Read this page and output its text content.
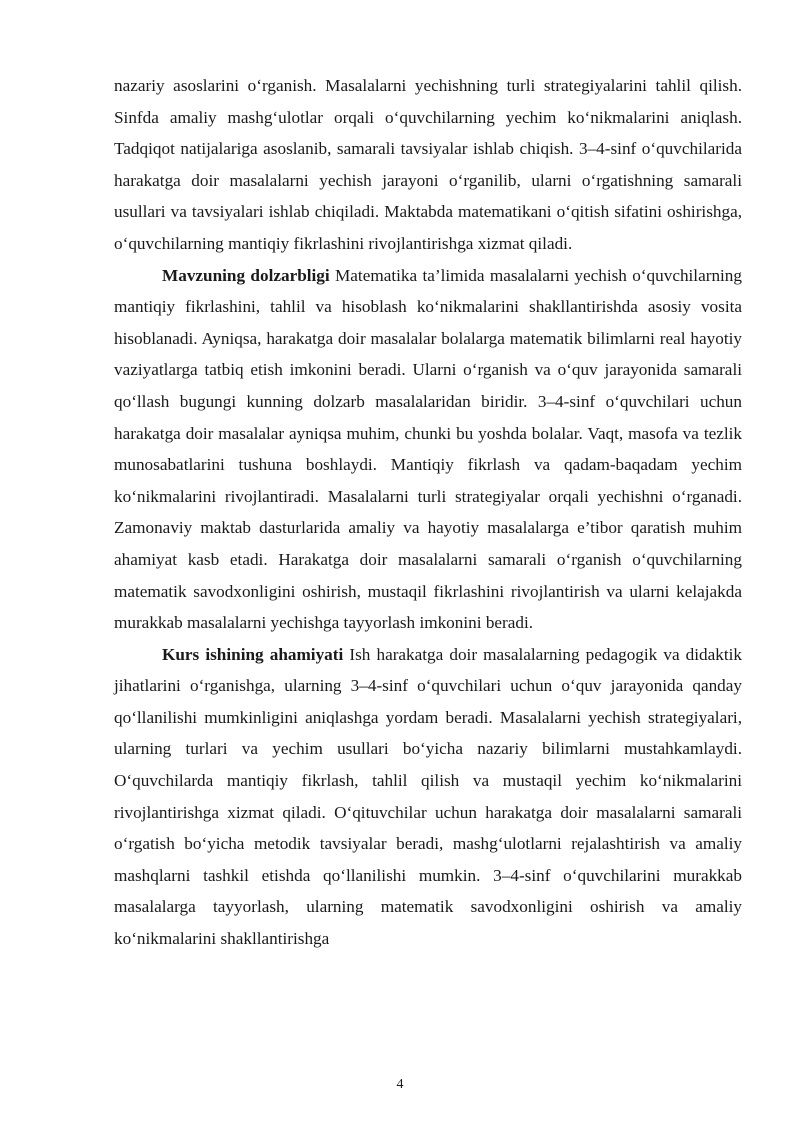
nazariy asoslarini o‘rganish. Masalalarni yechishning turli strategiyalarini tahlil qilish. Sinfda amaliy mashg‘ulotlar orqali o‘quvchilarning yechim ko‘nikmalarini aniqlash. Tadqiqot natijalariga asoslanib, samarali tavsiyalar ishlab chiqish. 3–4-sinf o‘quvchilarida harakatga doir masalalarni yechish jarayoni o‘rganilib, ularni o‘rgatishning samarali usullari va tavsiyalari ishlab chiqiladi. Maktabda matematikani o‘qitish sifatini oshirishga, o‘quvchilarning mantiqiy fikrlashini rivojlantirishga xizmat qiladi.

Mavzuning dolzarbligi Matematika ta’limida masalalarni yechish o‘quvchilarning mantiqiy fikrlashini, tahlil va hisoblash ko‘nikmalarini shakllantirishda asosiy vosita hisoblanadi. Ayniqsa, harakatga doir masalalar bolalarga matematik bilimlarni real hayotiy vaziyatlarga tatbiq etish imkonini beradi. Ularni o‘rganish va o‘quv jarayonida samarali qo‘llash bugungi kunning dolzarb masalalaridan biridir. 3–4-sinf o‘quvchilari uchun harakatga doir masalalar ayniqsa muhim, chunki bu yoshda bolalar. Vaqt, masofa va tezlik munosabatlarini tushuna boshlaydi. Mantiqiy fikrlash va qadam-baqadam yechim ko‘nikmalarini rivojlantiradi. Masalalarni turli strategiyalar orqali yechishni o‘rganadi. Zamonaviy maktab dasturlarida amaliy va hayotiy masalalarga e’tibor qaratish muhim ahamiyat kasb etadi. Harakatga doir masalalarni samarali o‘rganish o‘quvchilarning matematik savodxonligini oshirish, mustaqil fikrlashini rivojlantirish va ularni kelajakda murakkab masalalarni yechishga tayyorlash imkonini beradi.

Kurs ishining ahamiyati Ish harakatga doir masalalarning pedagogik va didaktik jihatlarini o‘rganishga, ularning 3–4-sinf o‘quvchilari uchun o‘quv jarayonida qanday qo‘llanilishi mumkinligini aniqlashga yordam beradi. Masalalarni yechish strategiyalari, ularning turlari va yechim usullari bo‘yicha nazariy bilimlarni mustahkamlaydi. O‘quvchilarda mantiqiy fikrlash, tahlil qilish va mustaqil yechim ko‘nikmalarini rivojlantirishga xizmat qiladi. O‘qituvchilar uchun harakatga doir masalalarni samarali o‘rgatish bo‘yicha metodik tavsiyalar beradi, mashg‘ulotlarni rejalashtirish va amaliy mashqlarni tashkil etishda qo‘llanilishi mumkin. 3–4-sinf o‘quvchilarini murakkab masalalarga tayyorlash, ularning matematik savodxonligini oshirish va amaliy ko‘nikmalarini shakllantirishga

4
